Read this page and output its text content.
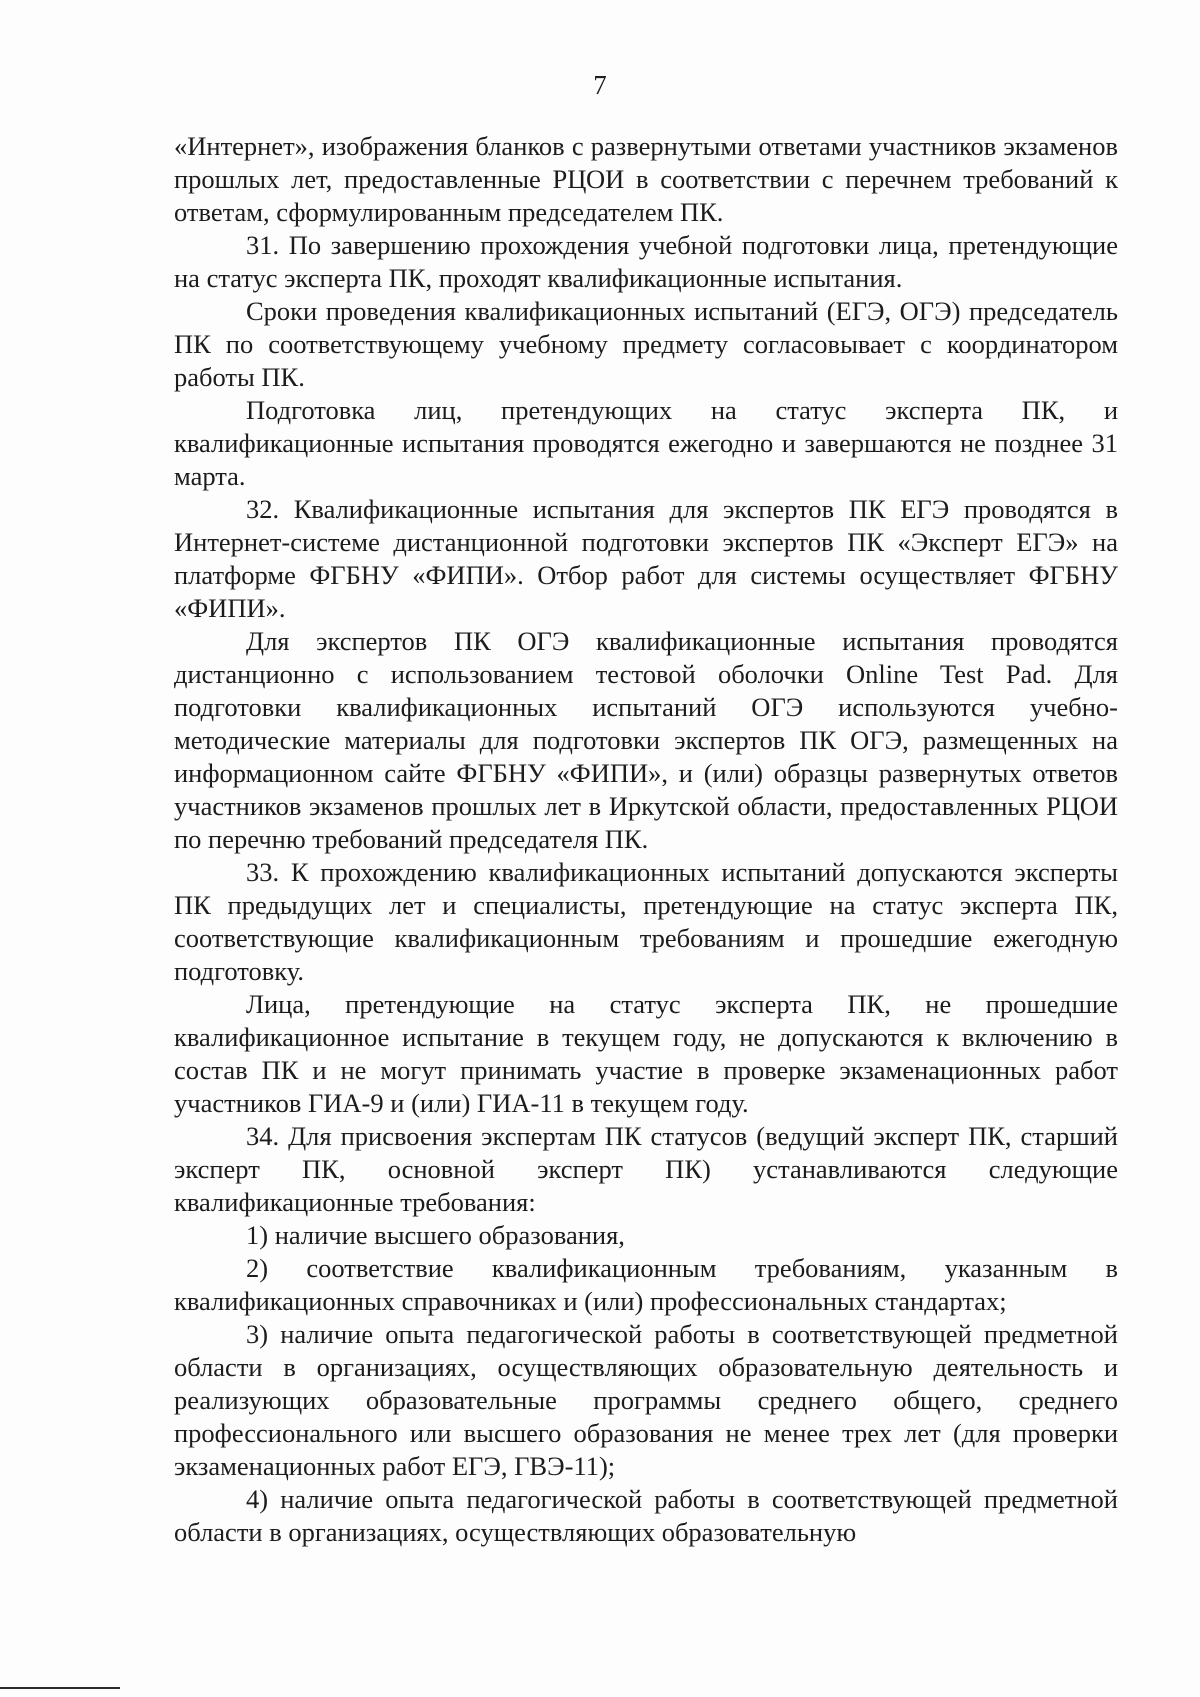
7

«Интернет», изображения бланков с развернутыми ответами участников экзаменов прошлых лет, предоставленные РЦОИ в соответствии с перечнем требований к ответам, сформулированным председателем ПК.

31. По завершению прохождения учебной подготовки лица, претендующие на статус эксперта ПК, проходят квалификационные испытания.

Сроки проведения квалификационных испытаний (ЕГЭ, ОГЭ) председатель ПК по соответствующему учебному предмету согласовывает с координатором работы ПК.

Подготовка лиц, претендующих на статус эксперта ПК, и квалификационные испытания проводятся ежегодно и завершаются не позднее 31 марта.

32. Квалификационные испытания для экспертов ПК ЕГЭ проводятся в Интернет-системе дистанционной подготовки экспертов ПК «Эксперт ЕГЭ» на платформе ФГБНУ «ФИПИ». Отбор работ для системы осуществляет ФГБНУ «ФИПИ».

Для экспертов ПК ОГЭ квалификационные испытания проводятся дистанционно с использованием тестовой оболочки Online Test Pad. Для подготовки квалификационных испытаний ОГЭ используются учебно-методические материалы для подготовки экспертов ПК ОГЭ, размещенных на информационном сайте ФГБНУ «ФИПИ», и (или) образцы развернутых ответов участников экзаменов прошлых лет в Иркутской области, предоставленных РЦОИ по перечню требований председателя ПК.

33. К прохождению квалификационных испытаний допускаются эксперты ПК предыдущих лет и специалисты, претендующие на статус эксперта ПК, соответствующие квалификационным требованиям и прошедшие ежегодную подготовку.

Лица, претендующие на статус эксперта ПК, не прошедшие квалификационное испытание в текущем году, не допускаются к включению в состав ПК и не могут принимать участие в проверке экзаменационных работ участников ГИА-9 и (или) ГИА-11 в текущем году.

34. Для присвоения экспертам ПК статусов (ведущий эксперт ПК, старший эксперт ПК, основной эксперт ПК) устанавливаются следующие квалификационные требования:

1) наличие высшего образования,

2) соответствие квалификационным требованиям, указанным в квалификационных справочниках и (или) профессиональных стандартах;

3) наличие опыта педагогической работы в соответствующей предметной области в организациях, осуществляющих образовательную деятельность и реализующих образовательные программы среднего общего, среднего профессионального или высшего образования не менее трех лет (для проверки экзаменационных работ ЕГЭ, ГВЭ-11);

4) наличие опыта педагогической работы в соответствующей предметной области в организациях, осуществляющих образовательную
